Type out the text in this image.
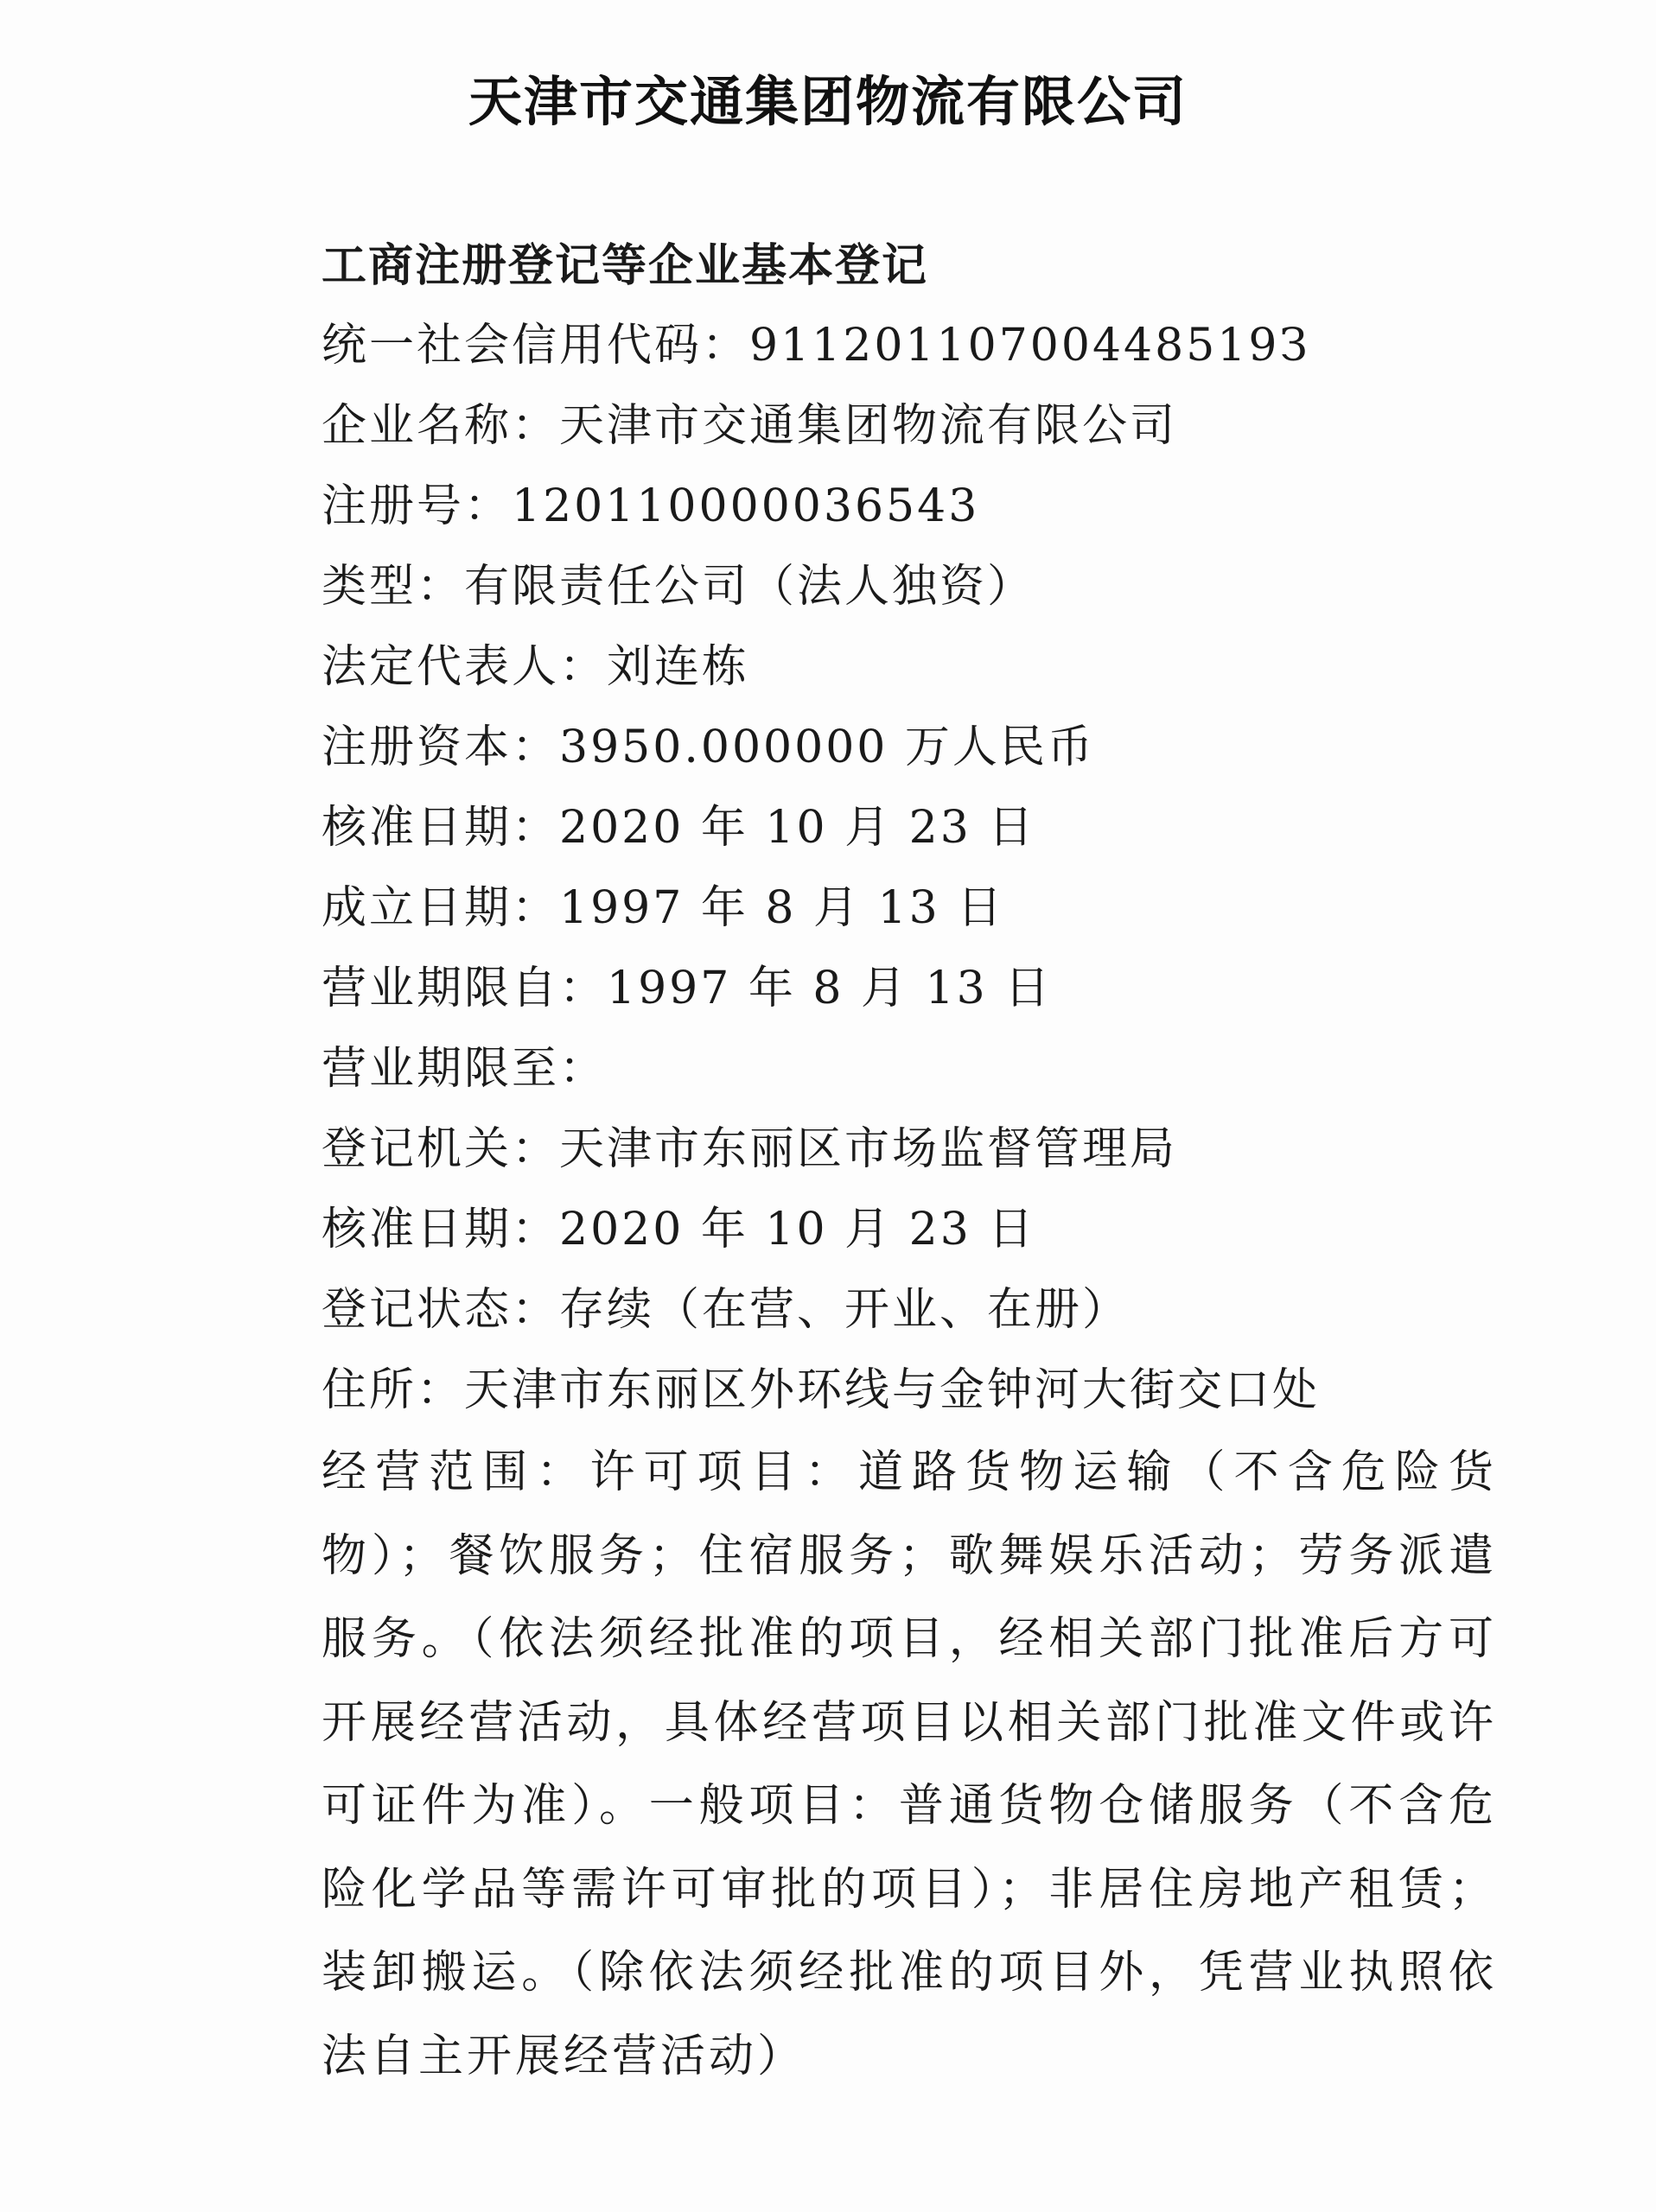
天津市交通集团物流有限公司
工商注册登记等企业基本登记
统一社会信用代码：91120110700448519З
企业名称：天津市交通集团物流有限公司
注册号：120110000036543
类型：有限责任公司（法人独资）
法定代表人：刘连栋
注册资本：3950.000000 万人民币
核准日期：2020 年 10 月 23 日
成立日期：1997 年 8 月 13 日
营业期限自：1997 年 8 月 13 日
营业期限至：
登记机关：天津市东丽区市场监督管理局
核准日期：2020 年 10 月 23 日
登记状态：存续（在营、开业、在册）
住所：天津市东丽区外环线与金钟河大街交口处
经营范围：许可项目：道路货物运输（不含危险货物）；餐饮服务；住宿服务；歌舞娱乐活动；劳务派遣服务。（依法须经批准的项目，经相关部门批准后方可开展经营活动，具体经营项目以相关部门批准文件或许可证件为准）。一般项目：普通货物仓储服务（不含危险化学品等需许可审批的项目）；非居住房地产租赁；装卸搬运。（除依法须经批准的项目外，凭营业执照依法自主开展经营活动）
